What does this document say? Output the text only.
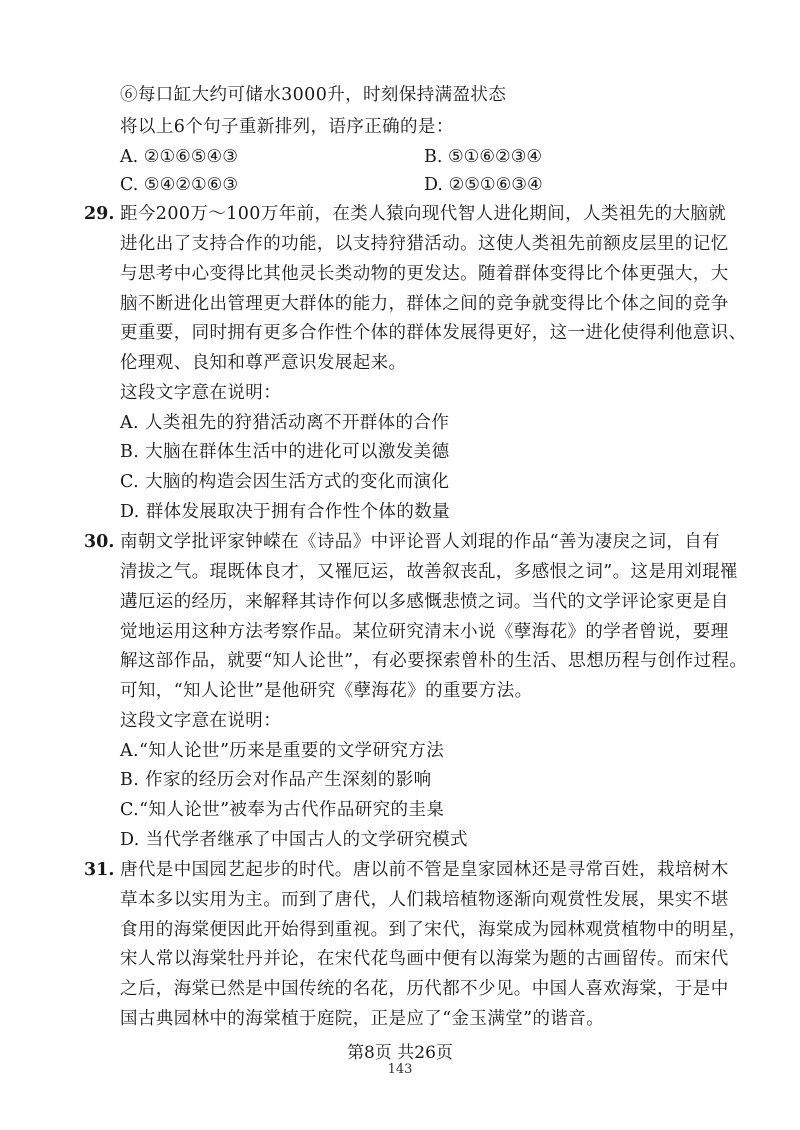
⑥每口缸大约可储水3000升，时刻保持满盈状态
将以上6个句子重新排列，语序正确的是：
A. ②①⑥⑤④③	B. ⑤①⑥②③④
C. ⑤④②①⑥③	D. ②⑤①⑥③④
29. 距今200万～100万年前，在类人猿向现代智人进化期间，人类祖先的大脑就
进化出了支持合作的功能，以支持狩猎活动。这使人类祖先前额皮层里的记忆
与思考中心变得比其他灵长类动物的更发达。随着群体变得比个体更强大，大
脑不断进化出管理更大群体的能力，群体之间的竞争就变得比个体之间的竞争
更重要，同时拥有更多合作性个体的群体发展得更好，这一进化使得利他意识、
伦理观、良知和尊严意识发展起来。
这段文字意在说明：
A. 人类祖先的狩猎活动离不开群体的合作
B. 大脑在群体生活中的进化可以激发美德
C. 大脑的构造会因生活方式的变化而演化
D. 群体发展取决于拥有合作性个体的数量
30. 南朝文学批评家钟嵘在《诗品》中评论晋人刘琨的作品“善为凄戾之词，自有
清拔之气。琨既体良才，又罹厄运，故善叙丧乱，多感恨之词”。这是用刘琨罹
遘厄运的经历，来解释其诗作何以多感慨悲愤之词。当代的文学评论家更是自
觉地运用这种方法考察作品。某位研究清末小说《孽海花》的学者曾说，要理
解这部作品，就要“知人论世”，有必要探索曾朴的生活、思想历程与创作过程。
可知，“知人论世”是他研究《孽海花》的重要方法。
这段文字意在说明：
A.“知人论世”历来是重要的文学研究方法
B. 作家的经历会对作品产生深刻的影响
C.“知人论世”被奉为古代作品研究的圭臬
D. 当代学者继承了中国古人的文学研究模式
31. 唐代是中国园艺起步的时代。唐以前不管是皇家园林还是寻常百姓，栽培树木
草本多以实用为主。而到了唐代，人们栽培植物逐渐向观赏性发展，果实不堪
食用的海棠便因此开始得到重视。到了宋代，海棠成为园林观赏植物中的明星，
宋人常以海棠牡丹并论，在宋代花鸟画中便有以海棠为题的古画留传。而宋代
之后，海棠已然是中国传统的名花，历代都不少见。中国人喜欢海棠，于是中
国古典园林中的海棠植于庭院，正是应了“金玉满堂”的谐音。
第8页 共26页
143
